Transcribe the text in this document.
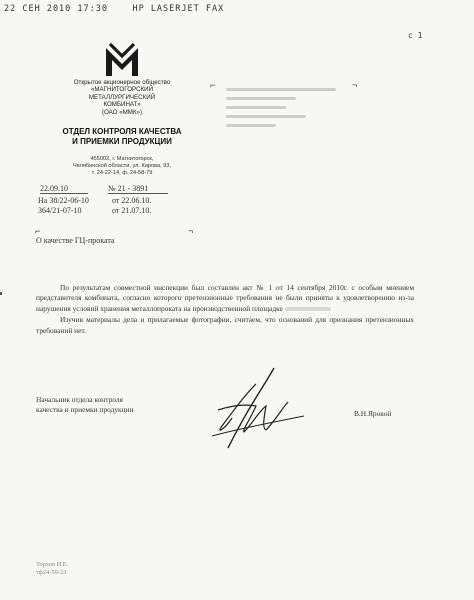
22 СЕН 2010 17:30    HP LASERJET FAX
с 1
Открытое акционерное общество
«МАГНИТОГОРСКИЙ
МЕТАЛЛУРГИЧЕСКИЙ
КОМБИНАТ»
(ОАО «ММК»)
ОТДЕЛ КОНТРОЛЯ КАЧЕСТВА
И ПРИЕМКИ ПРОДУКЦИИ
455002, г. Магнитогорск,
Челябинской области, ул. Кирова, 93,
т. 24-22-14, ф. 24-58-79
⌐	¬
22.09.10	№ 21 - 3891
На 38/22-06-10	от 22.06.10.
364/21-07-10	от 21.07.10.
⌐	¬
О качестве ГЦ-проката

По результатам совместной инспекции был составлен акт № 1 от 14 сентября 2010г. с особым мнением представителя комбината, согласно которого претензионные требования не были приняты к удовлетворению из-за нарушения условий хранения металлопроката на производственной площадке

Изучив материалы дела и прилагаемые фотографии, считаем, что оснований для признания претензионных требований нет.

Начальник отдела контроля
качества и приемки продукции	В.Н.Яровой
Торхов И.Е.
тф24-59-23
